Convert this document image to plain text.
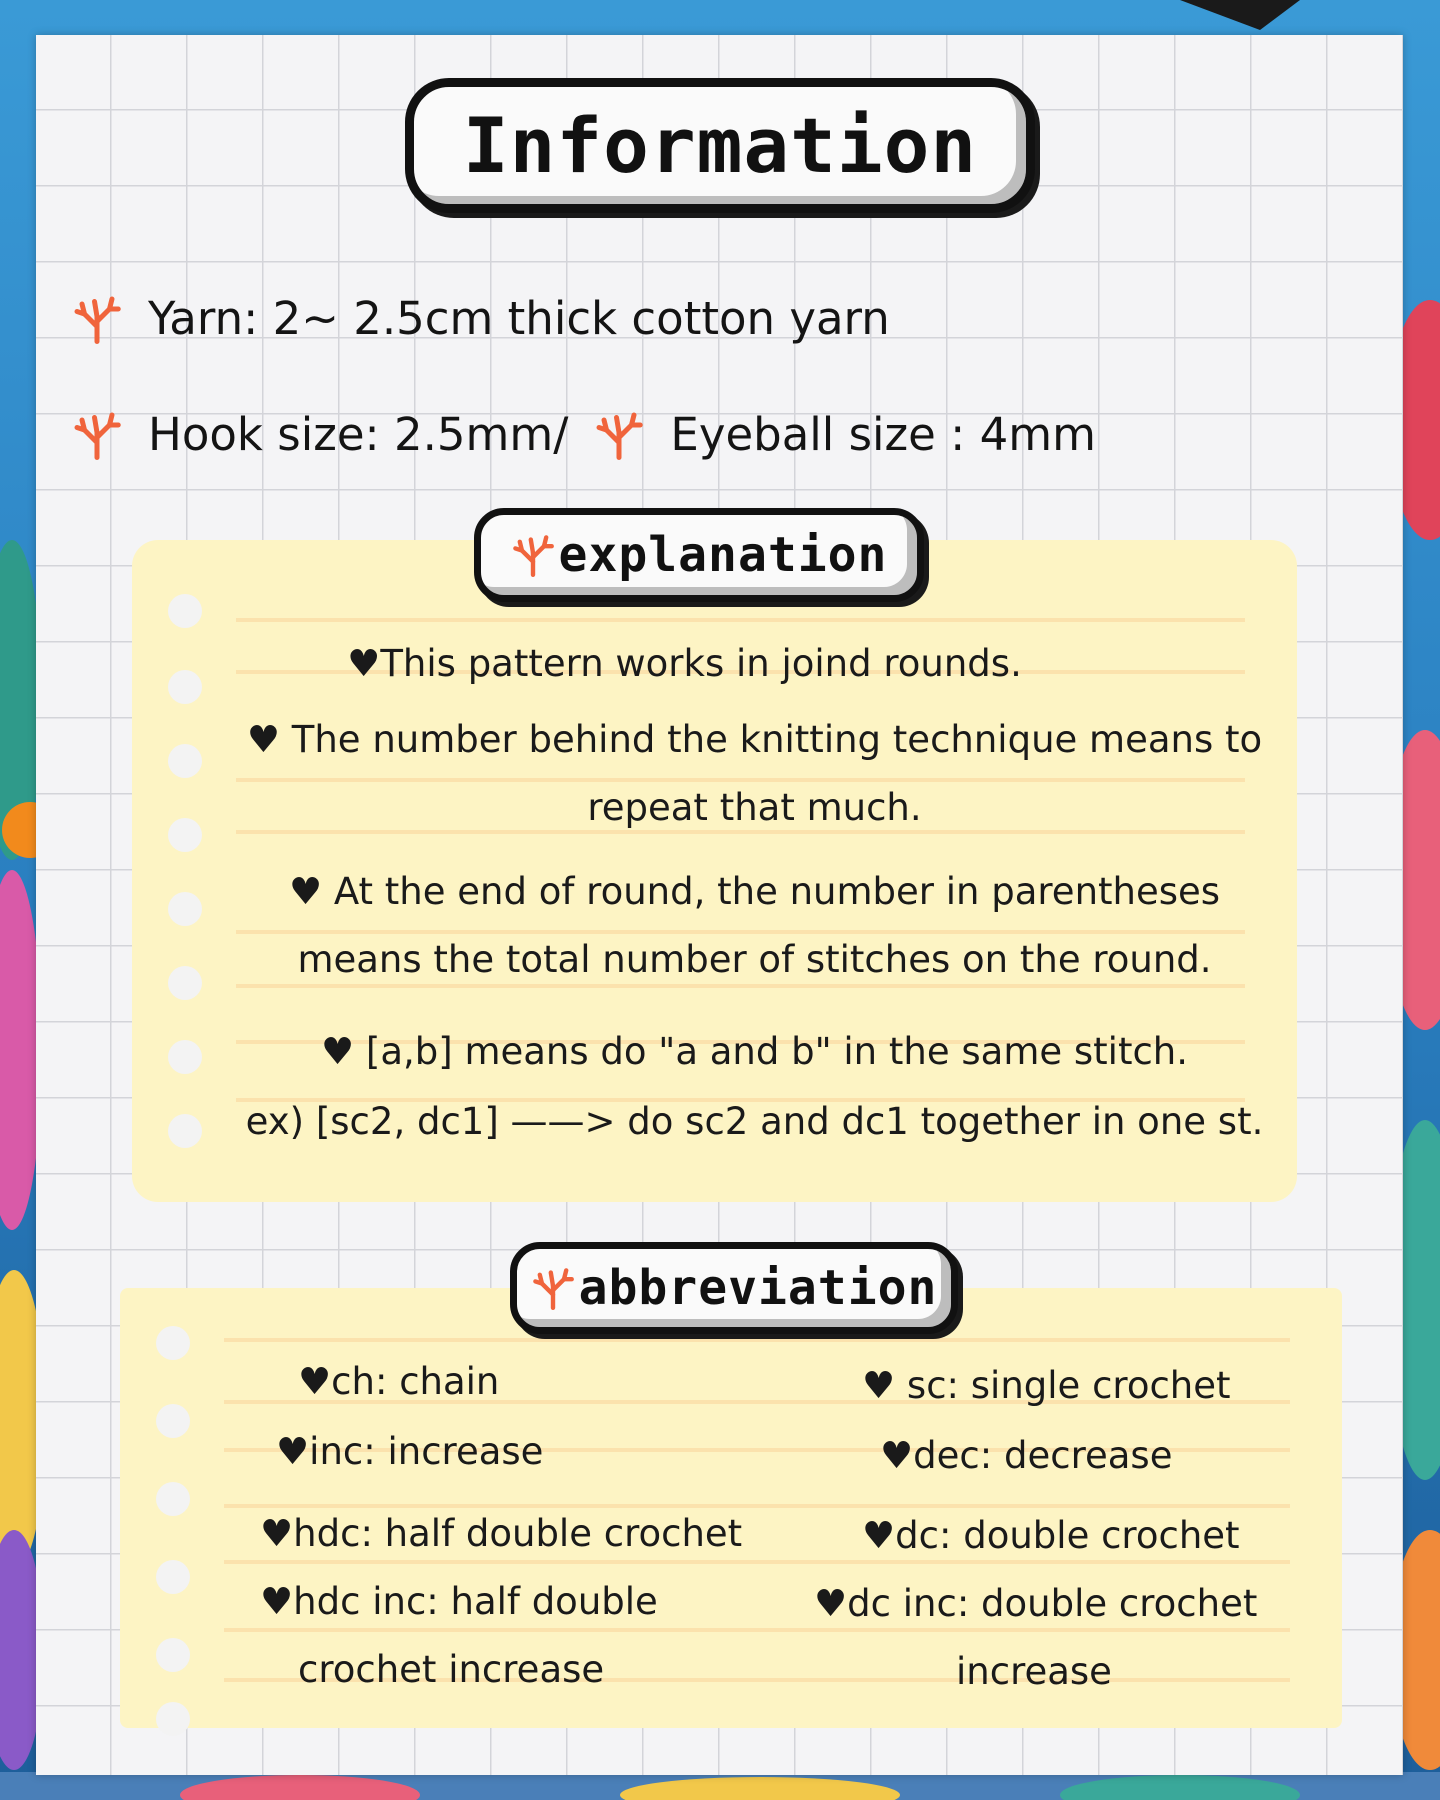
Information
Yarn: 2~ 2.5cm thick cotton yarn
Hook size: 2.5mm/ Eyeball size : 4mm
♥This pattern works in joind rounds.
♥ The number behind the knitting technique means to
repeat that much.
♥ At the end of round, the number in parentheses
means the total number of stitches on the round.
♥ [a,b] means do "a and b" in the same stitch.
ex) [sc2, dc1] ——> do sc2 and dc1 together in one st.
explanation
♥ch: chain
♥inc: increase
♥hdc: half double crochet
♥hdc inc: half double
crochet increase
♥ sc: single crochet
♥dec: decrease
♥dc: double crochet
♥dc inc: double crochet
increase
abbreviation
